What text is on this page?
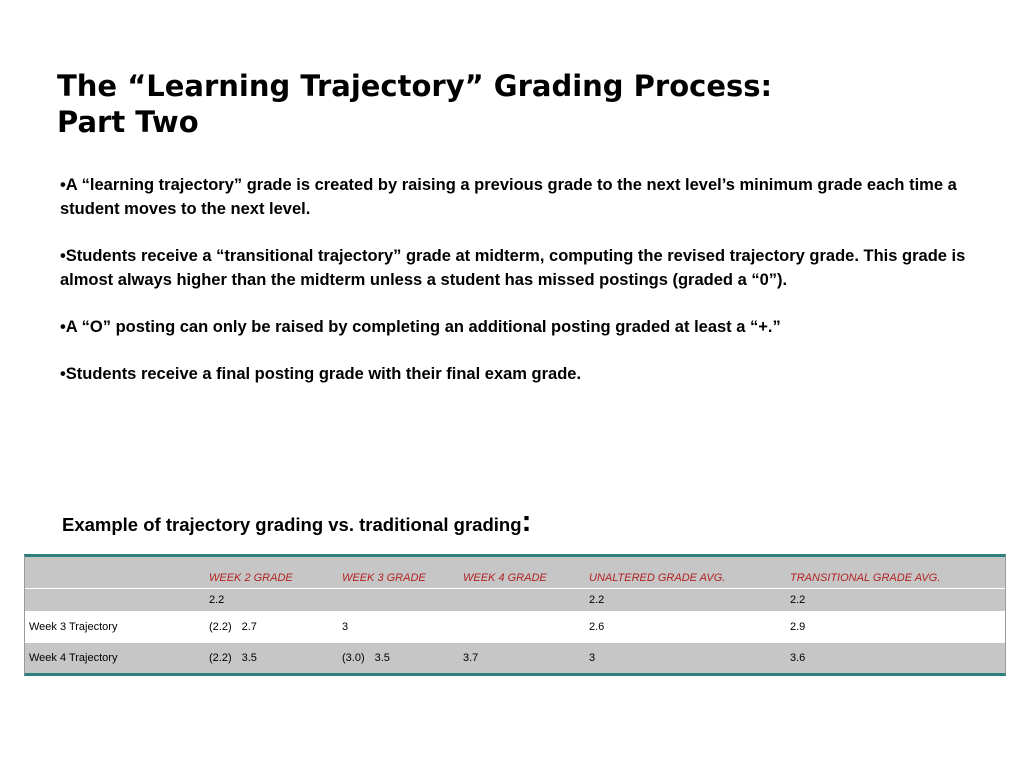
The “Learning Trajectory” Grading Process:
Part Two

•A “learning trajectory” grade is created by raising a previous grade to the next level’s minimum grade each time a student moves to the next level.

•Students receive a “transitional trajectory” grade at midterm, computing the revised trajectory grade. This grade is almost always higher than the midterm unless a student has missed postings (graded a “0”).

•A “O” posting can only be raised by completing an additional posting graded at least a “+.”

•Students receive a final posting grade with their final exam grade.

Example of trajectory grading vs. traditional grading:
	WEEK 2 GRADE	WEEK 3 GRADE	WEEK 4 GRADE	UNALTERED GRADE AVG.	TRANSITIONAL GRADE AVG.
	2.2			2.2	2.2
Week 3 Trajectory	(2.2) 2.7	3		2.6	2.9
Week 4 Trajectory	(2.2) 3.5	(3.0) 3.5	3.7	3	3.6
